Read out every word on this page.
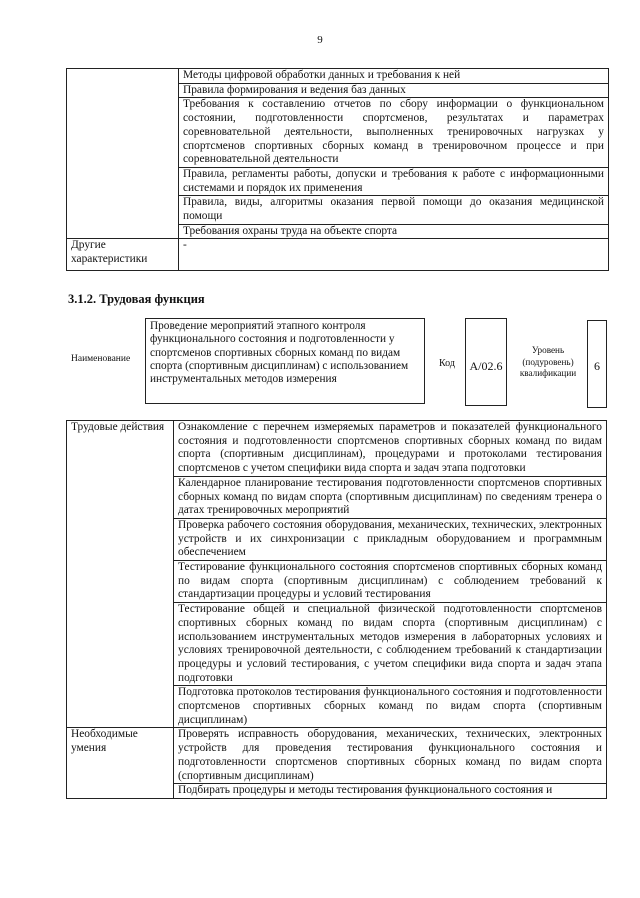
9
	Методы цифровой обработки данных и требования к ней
	Правила формирования и ведения баз данных
	Требования к составлению отчетов по сбору информации о функциональном состоянии, подготовленности спортсменов, результатах и параметрах соревновательной деятельности, выполненных тренировочных нагрузках у спортсменов спортивных сборных команд в тренировочном процессе и при соревновательной деятельности
	Правила, регламенты работы, допуски и требования к работе с информационными системами и порядок их применения
	Правила, виды, алгоритмы оказания первой помощи до оказания медицинской помощи
	Требования охраны труда на объекте спорта
Другие характеристики	-
3.1.2. Трудовая функция
Наименование
Проведение мероприятий этапного контроля функционального состояния и подготовленности у спортсменов спортивных сборных команд по видам спорта (спортивным дисциплинам) с использованием инструментальных методов измерения
Код	A/02.6
Уровень (подуровень) квалификации	6
Трудовые действия	Ознакомление с перечнем измеряемых параметров и показателей функционального состояния и подготовленности спортсменов спортивных сборных команд по видам спорта (спортивным дисциплинам), процедурами и протоколами тестирования спортсменов с учетом специфики вида спорта и задач этапа подготовки
	Календарное планирование тестирования подготовленности спортсменов спортивных сборных команд по видам спорта (спортивным дисциплинам) по сведениям тренера о датах тренировочных мероприятий
	Проверка рабочего состояния оборудования, механических, технических, электронных устройств и их синхронизации с прикладным оборудованием и программным обеспечением
	Тестирование функционального состояния спортсменов спортивных сборных команд по видам спорта (спортивным дисциплинам) с соблюдением требований к стандартизации процедуры и условий тестирования
	Тестирование общей и специальной физической подготовленности спортсменов спортивных сборных команд по видам спорта (спортивным дисциплинам) с использованием инструментальных методов измерения в лабораторных условиях и условиях тренировочной деятельности, с соблюдением требований к стандартизации процедуры и условий тестирования, с учетом специфики вида спорта и задач этапа подготовки
	Подготовка протоколов тестирования функционального состояния и подготовленности спортсменов спортивных сборных команд по видам спорта (спортивным дисциплинам)
Необходимые умения	Проверять исправность оборудования, механических, технических, электронных устройств для проведения тестирования функционального состояния и подготовленности спортсменов спортивных сборных команд по видам спорта (спортивным дисциплинам)
	Подбирать процедуры и методы тестирования функционального состояния и
